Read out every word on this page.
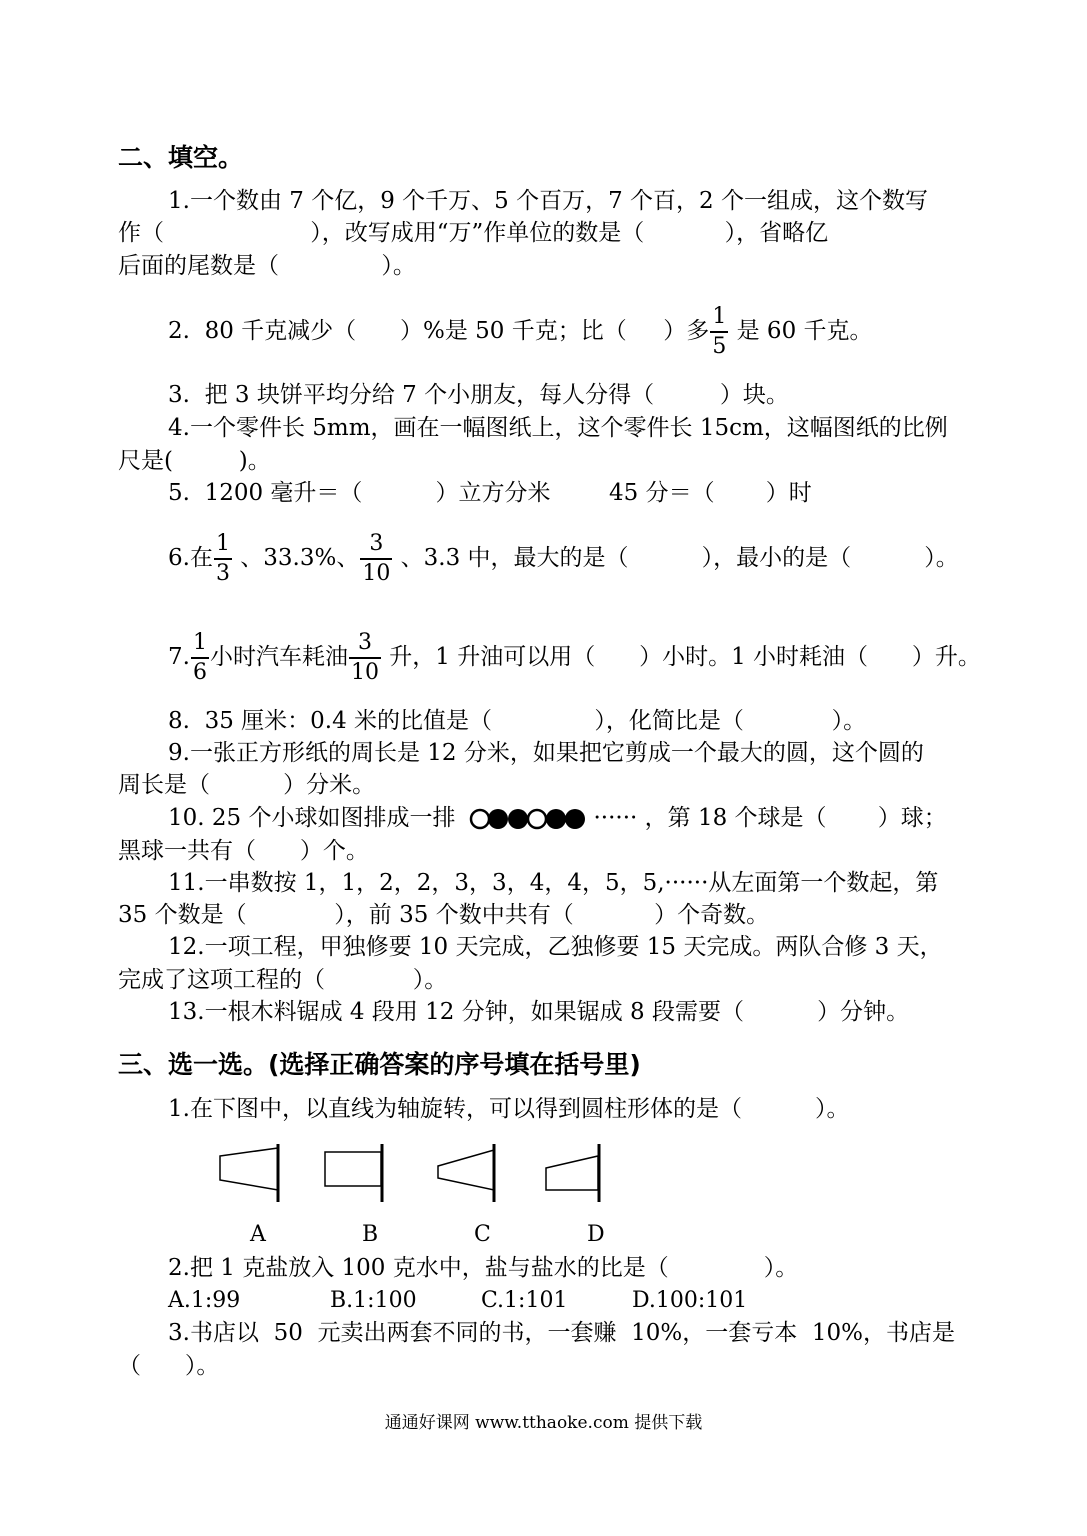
二、填空。
1.一个数由 7 个亿，9 个千万、5 个百万，7 个百，2 个一组成，这个数写
作（                    ），改写成用“万”作单位的数是（           ），省略亿
后面的尾数是（              ）。
2.  80 千克减少（      ）%是 50 千克；比（     ）多 $\frac{1}{5}$ 是 60 千克。
3.  把 3 块饼平均分给 7 个小朋友，每人分得（         ）块。
4.一个零件长 5mm，画在一幅图纸上，这个零件长 15cm，这幅图纸的比例
尺是(         )。
5.  1200 毫升＝（          ）立方分米        45 分＝（       ）时
6.在 $\frac{1}{3}$ 、33.3%、 $\frac{3}{10}$ 、3.3 中，最大的是（          ），最小的是（          ）。
7. $\frac{1}{6}$ 小时汽车耗油 $\frac{3}{10}$ 升，1 升油可以用（      ）小时。1 小时耗油（      ）升。
8.  35 厘米：0.4 米的比值是（              ），化简比是（            ）。
9.一张正方形纸的周长是 12 分米，如果把它剪成一个最大的圆，这个圆的
周长是（          ）分米。
10. 25 个小球如图排成一排	······ ，第 18 个球是（       ）球；
黑球一共有（      ）个。
11.一串数按 1，1，2，2，3，3，4，4，5，5,······从左面第一个数起，第
35 个数是（            ），前 35 个数中共有（           ）个奇数。
12.一项工程，甲独修要 10 天完成，乙独修要 15 天完成。两队合修 3 天，
完成了这项工程的（            ）。
13.一根木料锯成 4 段用 12 分钟，如果锯成 8 段需要（          ）分钟。
三、选一选。(选择正确答案的序号填在括号里)
1.在下图中，以直线为轴旋转，可以得到圆柱形体的是（          ）。
A	B	C	D
2.把 1 克盐放入 100 克水中，盐与盐水的比是（             ）。
A.1:99	B.1:100	C.1:101	D.100:101
3.书店以  50  元卖出两套不同的书，一套赚  10%，一套亏本  10%，书店是
（      ）。
通通好课网 www.tthaoke.com 提供下载
